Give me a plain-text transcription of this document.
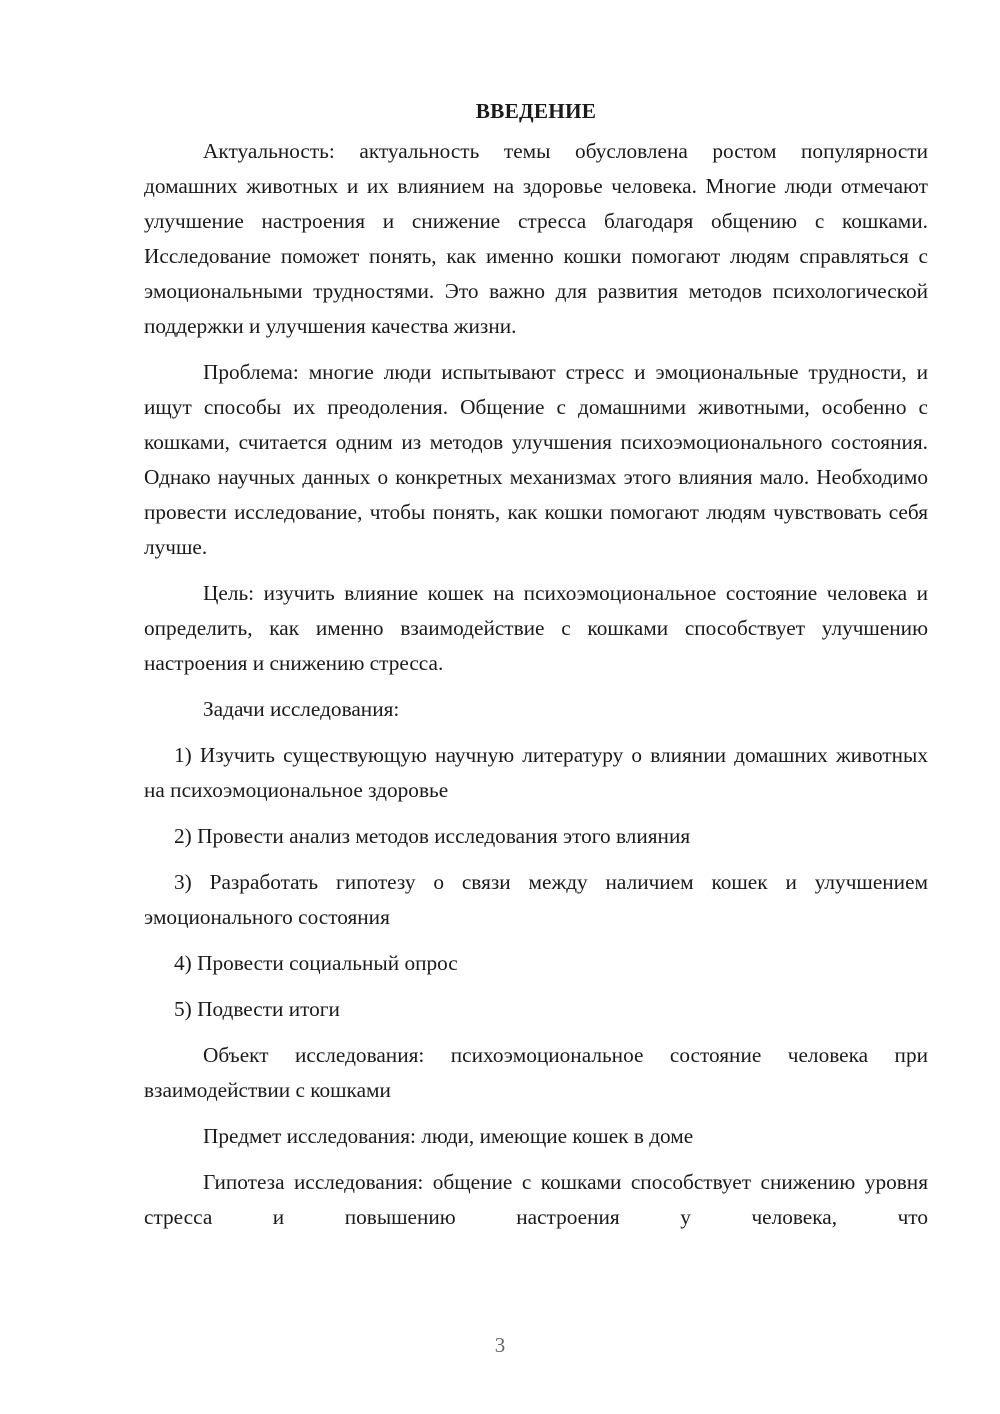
ВВЕДЕНИЕ

Актуальность: актуальность темы обусловлена ростом популярности домашних животных и их влиянием на здоровье человека. Многие люди отмечают улучшение настроения и снижение стресса благодаря общению с кошками. Исследование поможет понять, как именно кошки помогают людям справляться с эмоциональными трудностями. Это важно для развития методов психологической поддержки и улучшения качества жизни.

Проблема: многие люди испытывают стресс и эмоциональные трудности, и ищут способы их преодоления. Общение с домашними животными, особенно с кошками, считается одним из методов улучшения психоэмоционального состояния. Однако научных данных о конкретных механизмах этого влияния мало. Необходимо провести исследование, чтобы понять, как кошки помогают людям чувствовать себя лучше.

Цель: изучить влияние кошек на психоэмоциональное состояние человека и определить, как именно взаимодействие с кошками способствует улучшению настроения и снижению стресса.

Задачи исследования:

1) Изучить существующую научную литературу о влиянии домашних животных на психоэмоциональное здоровье

2) Провести анализ методов исследования этого влияния

3) Разработать гипотезу о связи между наличием кошек и улучшением эмоционального состояния

4) Провести социальный опрос

5) Подвести итоги

Объект исследования: психоэмоциональное состояние человека при взаимодействии с кошками

Предмет исследования: люди, имеющие кошек в доме

Гипотеза исследования: общение с кошками способствует снижению уровня стресса и повышению настроения у человека, что

3
